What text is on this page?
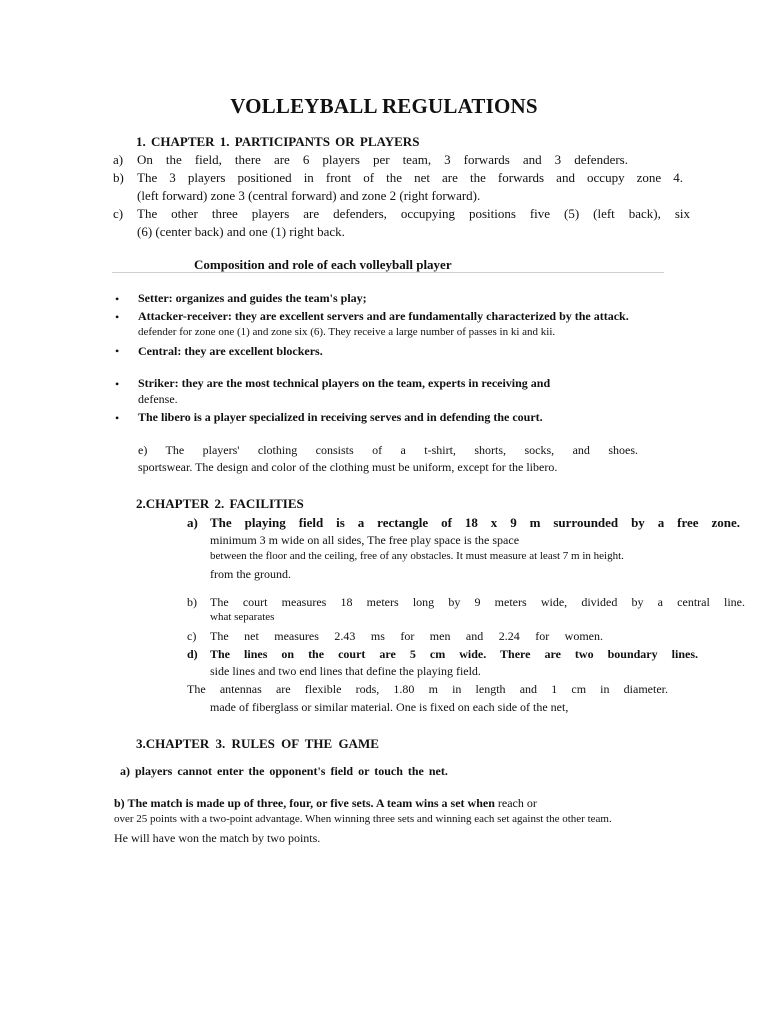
VOLLEYBALL REGULATIONS
1. CHAPTER 1. PARTICIPANTS OR PLAYERS
a) On the field, there are 6 players per team, 3 forwards and 3 defenders.
b) The 3 players positioned in front of the net are the forwards and occupy zone 4.
(left forward) zone 3 (central forward) and zone 2 (right forward).
c) The other three players are defenders, occupying positions five (5) (left back), six
(6) (center back) and one (1) right back.
Composition and role of each volleyball player
• Setter: organizes and guides the team's play;
• Attacker-receiver: they are excellent servers and are fundamentally characterized by the attack.
defender for zone one (1) and zone six (6). They receive a large number of passes in ki and kii.
• Central: they are excellent blockers.
• Striker: they are the most technical players on the team, experts in receiving and
defense.
• The libero is a player specialized in receiving serves and in defending the court.
e) The players' clothing consists of a t-shirt, shorts, socks, and shoes.
sportswear. The design and color of the clothing must be uniform, except for the libero.
2.CHAPTER 2. FACILITIES
a) The playing field is a rectangle of 18 x 9 m surrounded by a free zone.
minimum 3 m wide on all sides, The free play space is the space
between the floor and the ceiling, free of any obstacles. It must measure at least 7 m in height.
from the ground.
b) The court measures 18 meters long by 9 meters wide, divided by a central line.
what separates
c) The net measures 2.43 ms for men and 2.24 for women.
d) The lines on the court are 5 cm wide. There are two boundary lines.
side lines and two end lines that define the playing field.
The antennas are flexible rods, 1.80 m in length and 1 cm in diameter.
made of fiberglass or similar material. One is fixed on each side of the net,
3.CHAPTER 3. RULES OF THE GAME
a) players cannot enter the opponent's field or touch the net.
b) The match is made up of three, four, or five sets. A team wins a set when reach or
over 25 points with a two-point advantage. When winning three sets and winning each set against the other team.
He will have won the match by two points.
